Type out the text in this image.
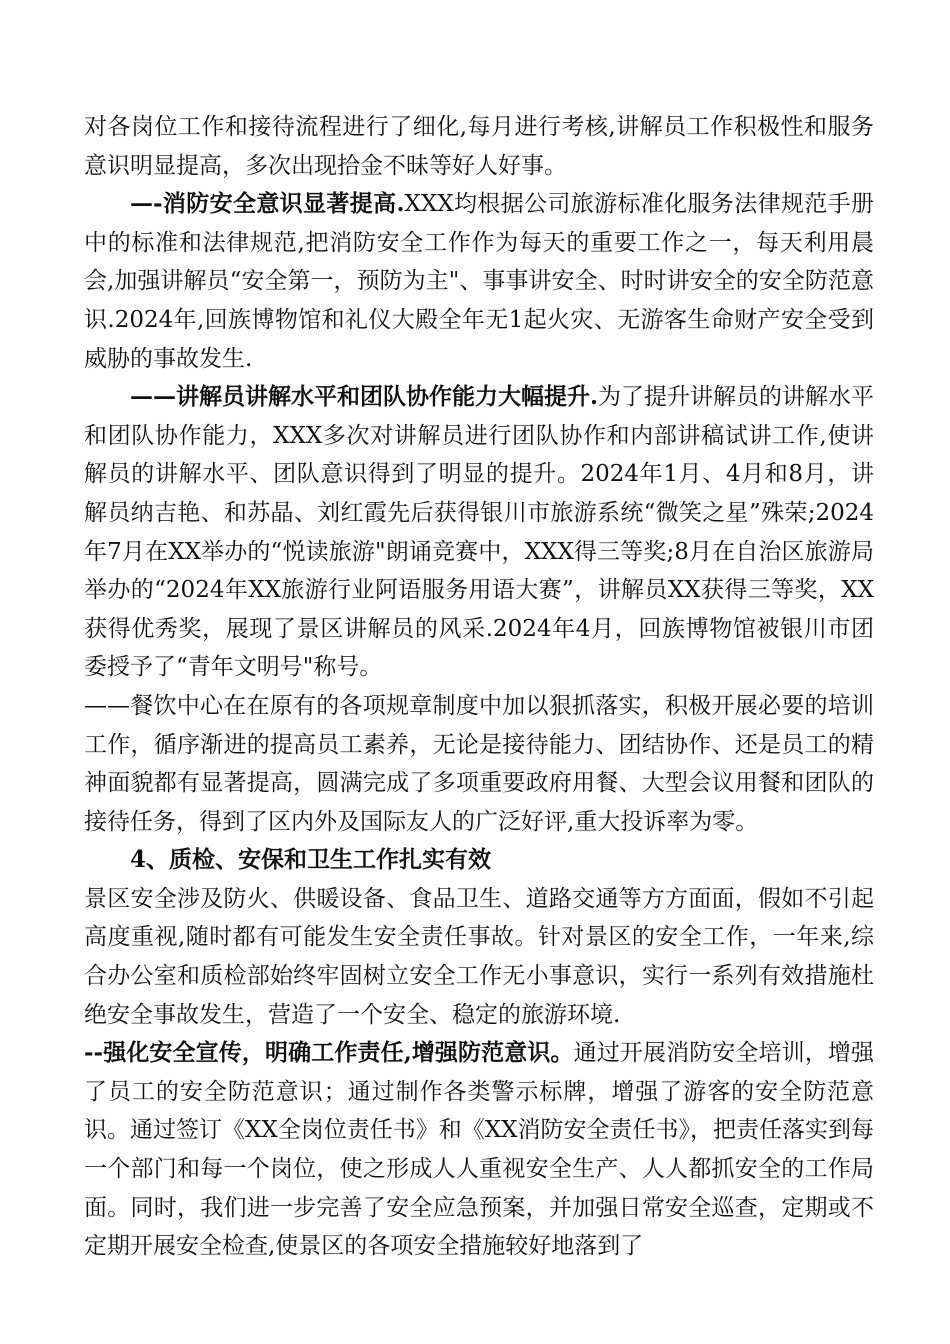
对各岗位工作和接待流程进行了细化,每月进行考核,讲解员工作积极性和服务意识明显提高，多次出现拾金不昧等好人好事。

—-消防安全意识显著提高.XXX均根据公司旅游标准化服务法律规范手册中的标准和法律规范,把消防安全工作作为每天的重要工作之一，每天利用晨会,加强讲解员“安全第一，预防为主"、事事讲安全、时时讲安全的安全防范意识.2024年,回族博物馆和礼仪大殿全年无1起火灾、无游客生命财产安全受到威胁的事故发生.

——讲解员讲解水平和团队协作能力大幅提升.为了提升讲解员的讲解水平和团队协作能力，XXX多次对讲解员进行团队协作和内部讲稿试讲工作,使讲解员的讲解水平、团队意识得到了明显的提升。2024年1月、4月和8月，讲解员纳吉艳、和苏晶、刘红霞先后获得银川市旅游系统“微笑之星”殊荣;2024年7月在XX举办的“悦读旅游"朗诵竞赛中，XXX得三等奖;8月在自治区旅游局举办的“2024年XX旅游行业阿语服务用语大赛”，讲解员XX获得三等奖，XX获得优秀奖，展现了景区讲解员的风采.2024年4月，回族博物馆被银川市团委授予了“青年文明号"称号。

——餐饮中心在在原有的各项规章制度中加以狠抓落实，积极开展必要的培训工作，循序渐进的提高员工素养，无论是接待能力、团结协作、还是员工的精神面貌都有显著提高，圆满完成了多项重要政府用餐、大型会议用餐和团队的接待任务，得到了区内外及国际友人的广泛好评,重大投诉率为零。

4、质检、安保和卫生工作扎实有效

景区安全涉及防火、供暖设备、食品卫生、道路交通等方方面面，假如不引起高度重视,随时都有可能发生安全责任事故。针对景区的安全工作，一年来,综合办公室和质检部始终牢固树立安全工作无小事意识，实行一系列有效措施杜绝安全事故发生，营造了一个安全、稳定的旅游环境.

--强化安全宣传，明确工作责任,增强防范意识。通过开展消防安全培训，增强了员工的安全防范意识；通过制作各类警示标牌，增强了游客的安全防范意识。通过签订《XX全岗位责任书》和《XX消防安全责任书》，把责任落实到每一个部门和每一个岗位，使之形成人人重视安全生产、人人都抓安全的工作局面。同时，我们进一步完善了安全应急预案，并加强日常安全巡查，定期或不定期开展安全检查,使景区的各项安全措施较好地落到了
